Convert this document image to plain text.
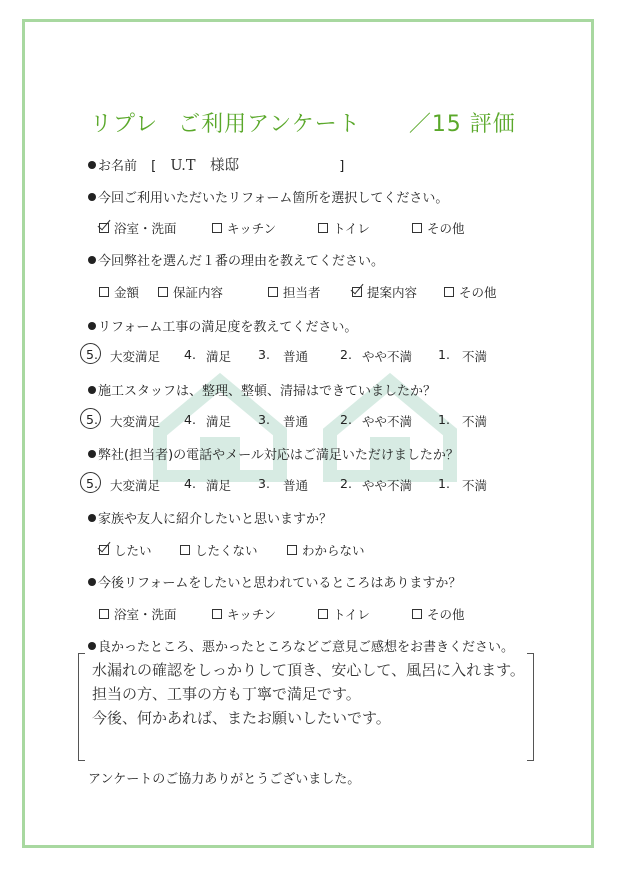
リプレ ご利用アンケート ／15 評価
お名前 [ U.T　様邸	]
今回ご利用いただいたリフォーム箇所を選択してください。
浴室・洗面	キッチン	トイレ	その他
今回弊社を選んだ１番の理由を教えてください。
金額	保証内容	担当者	提案内容	その他
リフォーム工事の満足度を教えてください。
5. 大変満足 4. 満足 3. 普通	2. やや不満 1. 不満
施工スタッフは、整理、整頓、清掃はできていましたか？
5. 大変満足 4. 満足 3. 普通	2. やや不満 1. 不満
弊社(担当者)の電話やメール対応はご満足いただけましたか？
5. 大変満足 4. 満足 3. 普通	2. やや不満 1. 不満
家族や友人に紹介したいと思いますか？
したい	したくない	わからない
今後リフォームをしたいと思われているところはありますか？
浴室・洗面	キッチン	トイレ	その他
良かったところ、悪かったところなどご意見ご感想をお書きください。
水漏れの確認をしっかりして頂き、安心して、風呂に入れます。
担当の方、工事の方も丁寧で満足です。
今後、何かあれば、またお願いしたいです。
アンケートのご協力ありがとうございました。
